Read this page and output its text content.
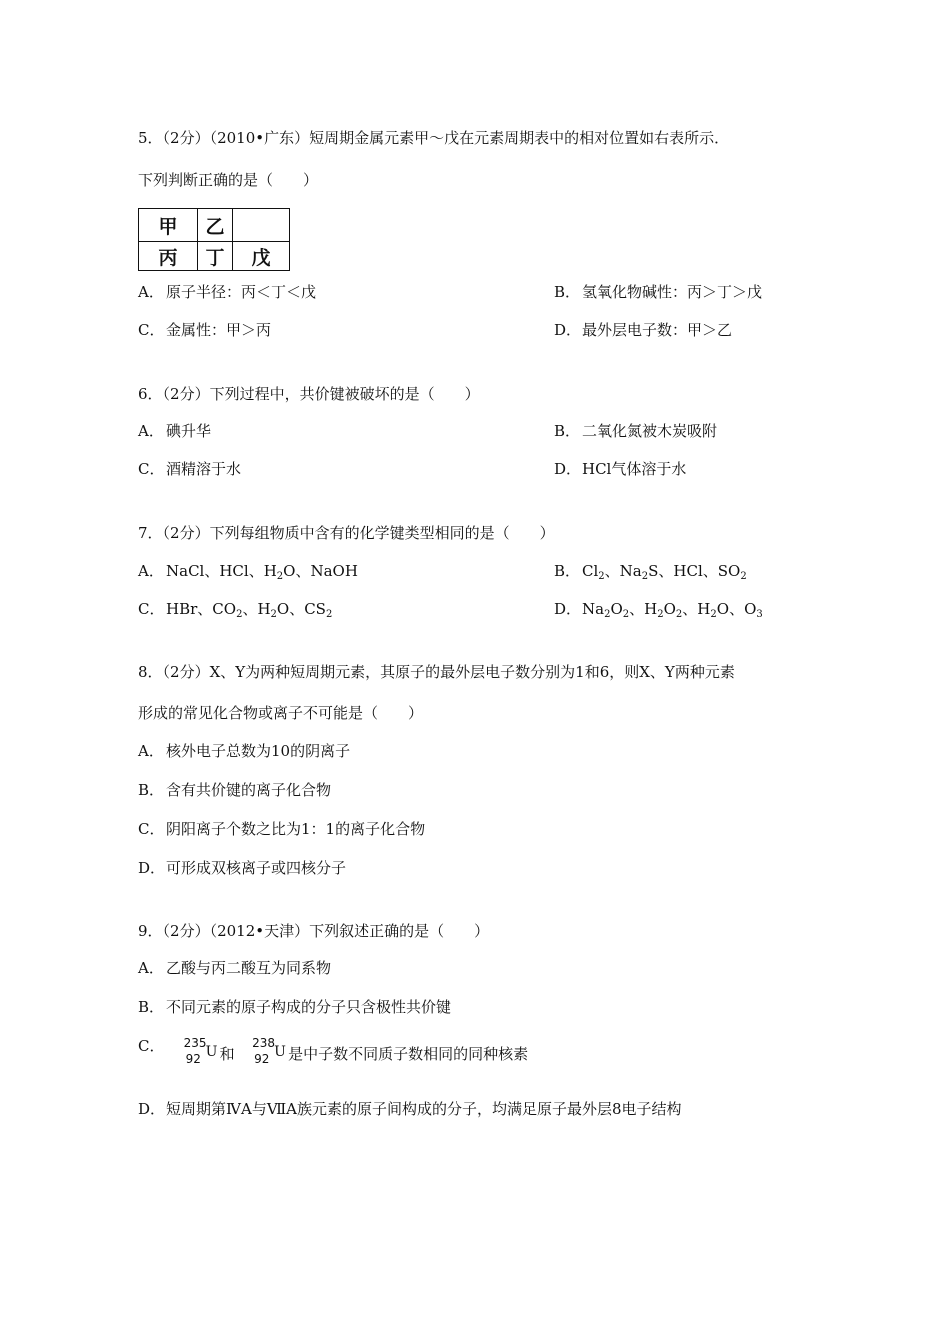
5．（2分）（2010•广东）短周期金属元素甲～戊在元素周期表中的相对位置如右表所示．
下列判断正确的是（　　）
甲	乙	
丙	丁	戊
A． 原子半径：丙＜丁＜戊	B． 氢氧化物碱性：丙＞丁＞戊
C． 金属性：甲＞丙	D．最外层电子数：甲＞乙
6．（2分）下列过程中，共价键被破坏的是（　　）
A． 碘升华	B． 二氧化氮被木炭吸附
C． 酒精溶于水	D．HCl气体溶于水
7．（2分）下列每组物质中含有的化学键类型相同的是（　　）
A． NaCl、HCl、$H_2O$、NaOH	B． $Cl_2$、$Na_2S$、HCl、$SO_2$
C． HBr、$CO_2$、$H_2O$、$CS_2$	D．$Na_2O_2$、$H_2O_2$、$H_2O$、$O_3$
8．（2分）X、Y为两种短周期元素，其原子的最外层电子数分别为1和6，则X、Y两种元素
形成的常见化合物或离子不可能是（　　）
A． 核外电子总数为10的阴离子
B． 含有共价键的离子化合物
C． 阴阳离子个数之比为1：1的离子化合物
D．可形成双核离子或四核分子
9．（2分）（2012•天津）下列叙述正确的是（　　）
A． 乙酸与丙二酸互为同系物
B． 不同元素的原子构成的分子只含极性共价键
C． 235
92 U 和
238
92 U 是中子数不同质子数相同的同种核素
D．短周期第ⅣA与ⅦA族元素的原子间构成的分子，均满足原子最外层8电子结构
